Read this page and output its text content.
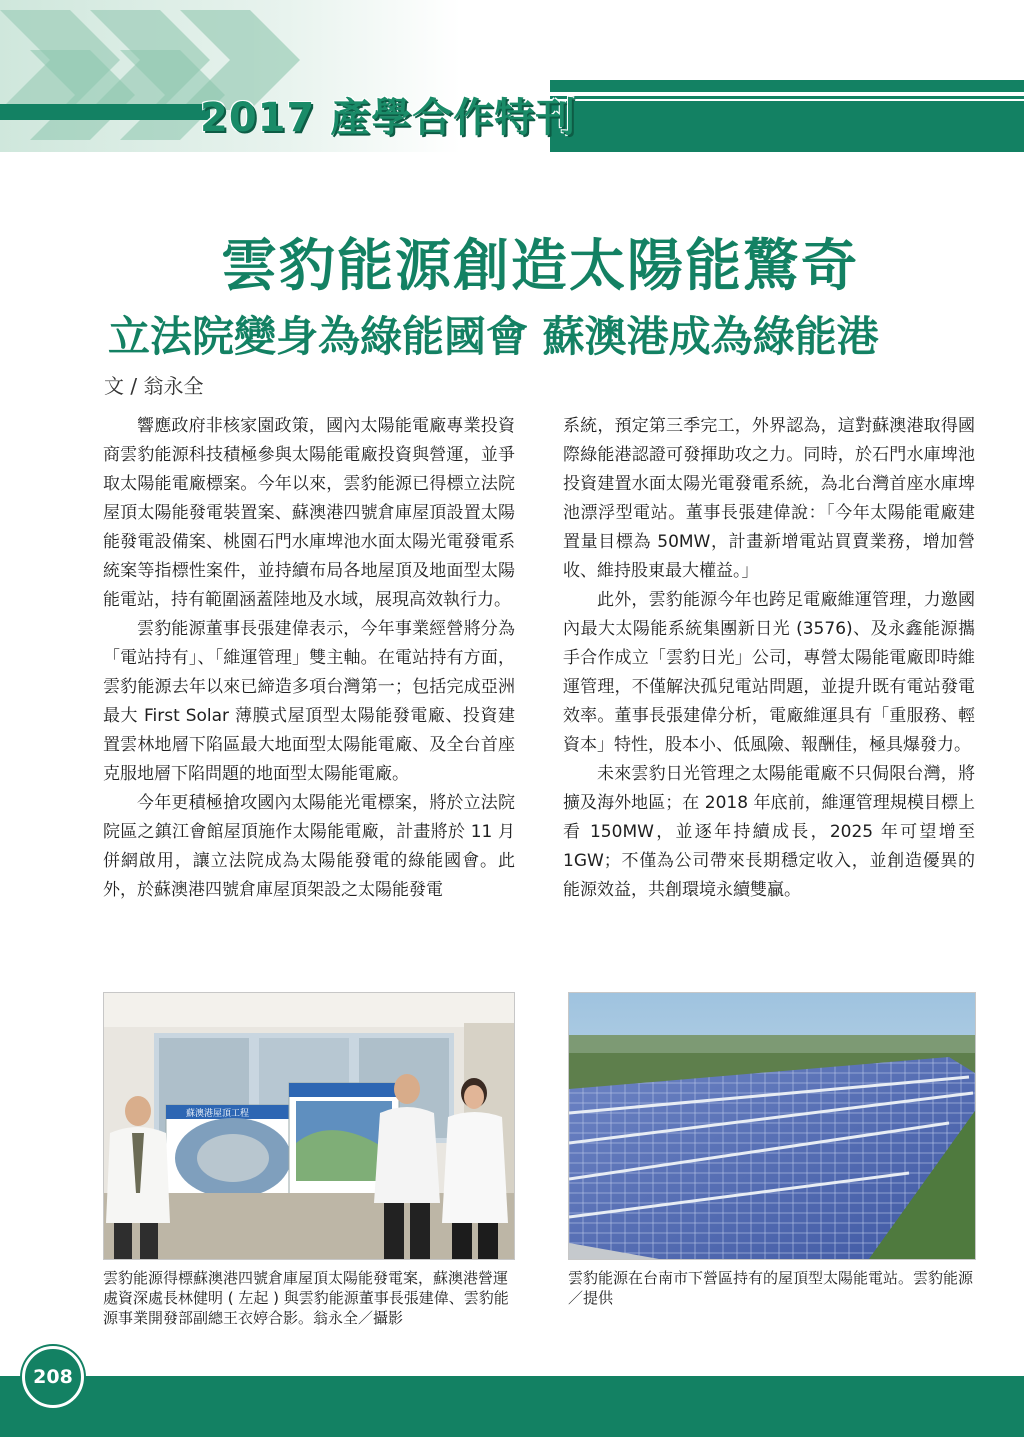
2017 產學合作特刊
雲豹能源創造太陽能驚奇
立法院變身為綠能國會 蘇澳港成為綠能港
文 / 翁永全

響應政府非核家園政策，國內太陽能電廠專業投資商雲豹能源科技積極參與太陽能電廠投資與營運，並爭取太陽能電廠標案。今年以來，雲豹能源已得標立法院屋頂太陽能發電裝置案、蘇澳港四號倉庫屋頂設置太陽能發電設備案、桃園石門水庫埤池水面太陽光電發電系統案等指標性案件，並持續布局各地屋頂及地面型太陽能電站，持有範圍涵蓋陸地及水域，展現高效執行力。

雲豹能源董事長張建偉表示，今年事業經營將分為「電站持有」、「維運管理」雙主軸。在電站持有方面，雲豹能源去年以來已締造多項台灣第一；包括完成亞洲最大 First Solar 薄膜式屋頂型太陽能發電廠、投資建置雲林地層下陷區最大地面型太陽能電廠、及全台首座克服地層下陷問題的地面型太陽能電廠。

今年更積極搶攻國內太陽能光電標案，將於立法院院區之鎮江會館屋頂施作太陽能電廠，計畫將於 11 月併網啟用，讓立法院成為太陽能發電的綠能國會。此外，於蘇澳港四號倉庫屋頂架設之太陽能發電

系統，預定第三季完工，外界認為，這對蘇澳港取得國際綠能港認證可發揮助攻之力。同時，於石門水庫埤池投資建置水面太陽光電發電系統，為北台灣首座水庫埤池漂浮型電站。董事長張建偉說：「今年太陽能電廠建置量目標為 50MW，計畫新增電站買賣業務，增加營收、維持股東最大權益。」

此外，雲豹能源今年也跨足電廠維運管理，力邀國內最大太陽能系統集團新日光 (3576)、及永鑫能源攜手合作成立「雲豹日光」公司，專營太陽能電廠即時維運管理，不僅解決孤兒電站問題，並提升既有電站發電效率。董事長張建偉分析，電廠維運具有「重服務、輕資本」特性，股本小、低風險、報酬佳，極具爆發力。

未來雲豹日光管理之太陽能電廠不只侷限台灣，將擴及海外地區；在 2018 年底前，維運管理規模目標上看 150MW，並逐年持續成長，2025 年可望增至 1GW；不僅為公司帶來長期穩定收入，並創造優異的能源效益，共創環境永續雙贏。

蘇澳港屋頂工程
雲豹能源得標蘇澳港四號倉庫屋頂太陽能發電案，蘇澳港營運處資深處長林健明 ( 左起 ) 與雲豹能源董事長張建偉、雲豹能源事業開發部副總王衣婷合影。翁永全／攝影
雲豹能源在台南市下營區持有的屋頂型太陽能電站。雲豹能源／提供
208
